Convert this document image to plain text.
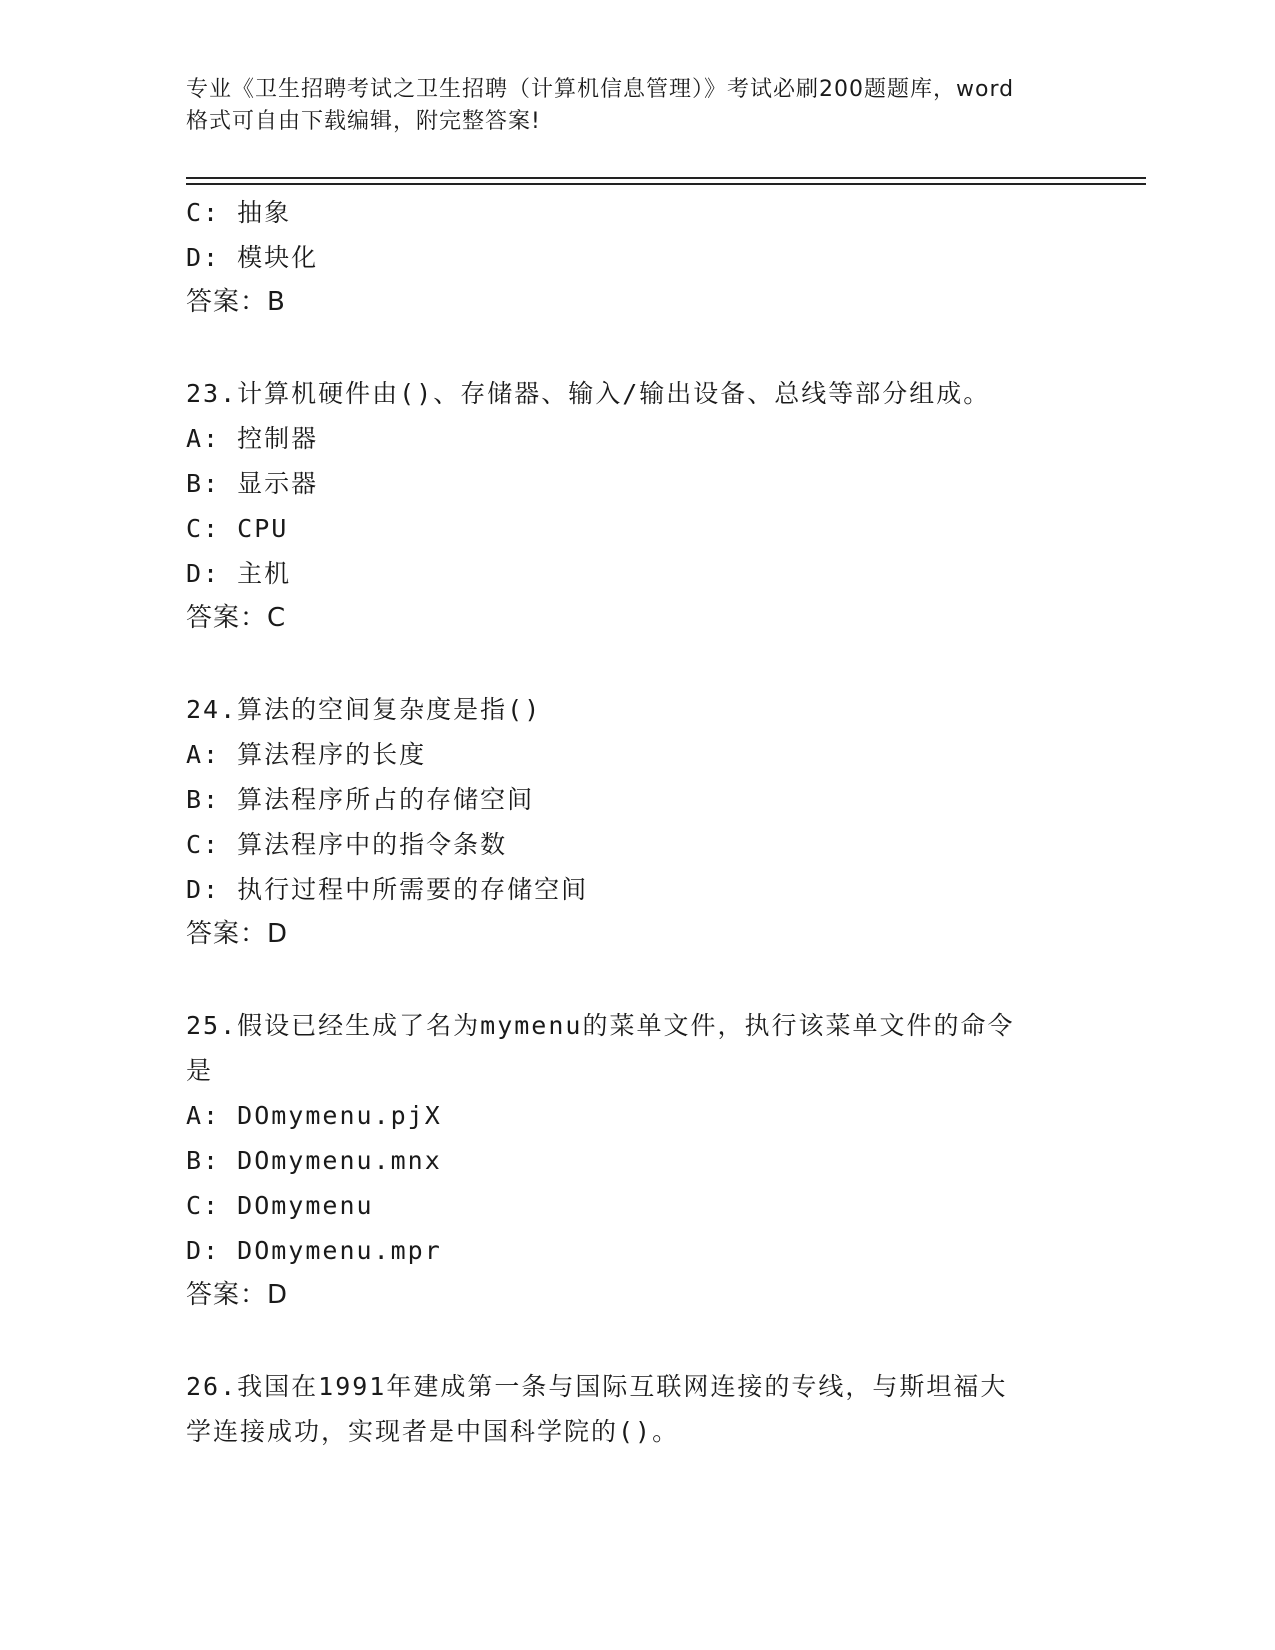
专业《卫生招聘考试之卫生招聘（计算机信息管理）》考试必刷200题题库，word
格式可自由下载编辑，附完整答案!
C: 抽象
D: 模块化
答案：B
23.计算机硬件由()、存储器、输入/输出设备、总线等部分组成。
A: 控制器
B: 显示器
C: CPU
D: 主机
答案：C
24.算法的空间复杂度是指()
A: 算法程序的长度
B: 算法程序所占的存储空间
C: 算法程序中的指令条数
D: 执行过程中所需要的存储空间
答案：D
25.假设已经生成了名为mymenu的菜单文件，执行该菜单文件的命令
是
A: DOmymenu.pjX
B: DOmymenu.mnx
C: DOmymenu
D: DOmymenu.mpr
答案：D
26.我国在1991年建成第一条与国际互联网连接的专线，与斯坦福大
学连接成功，实现者是中国科学院的()。
